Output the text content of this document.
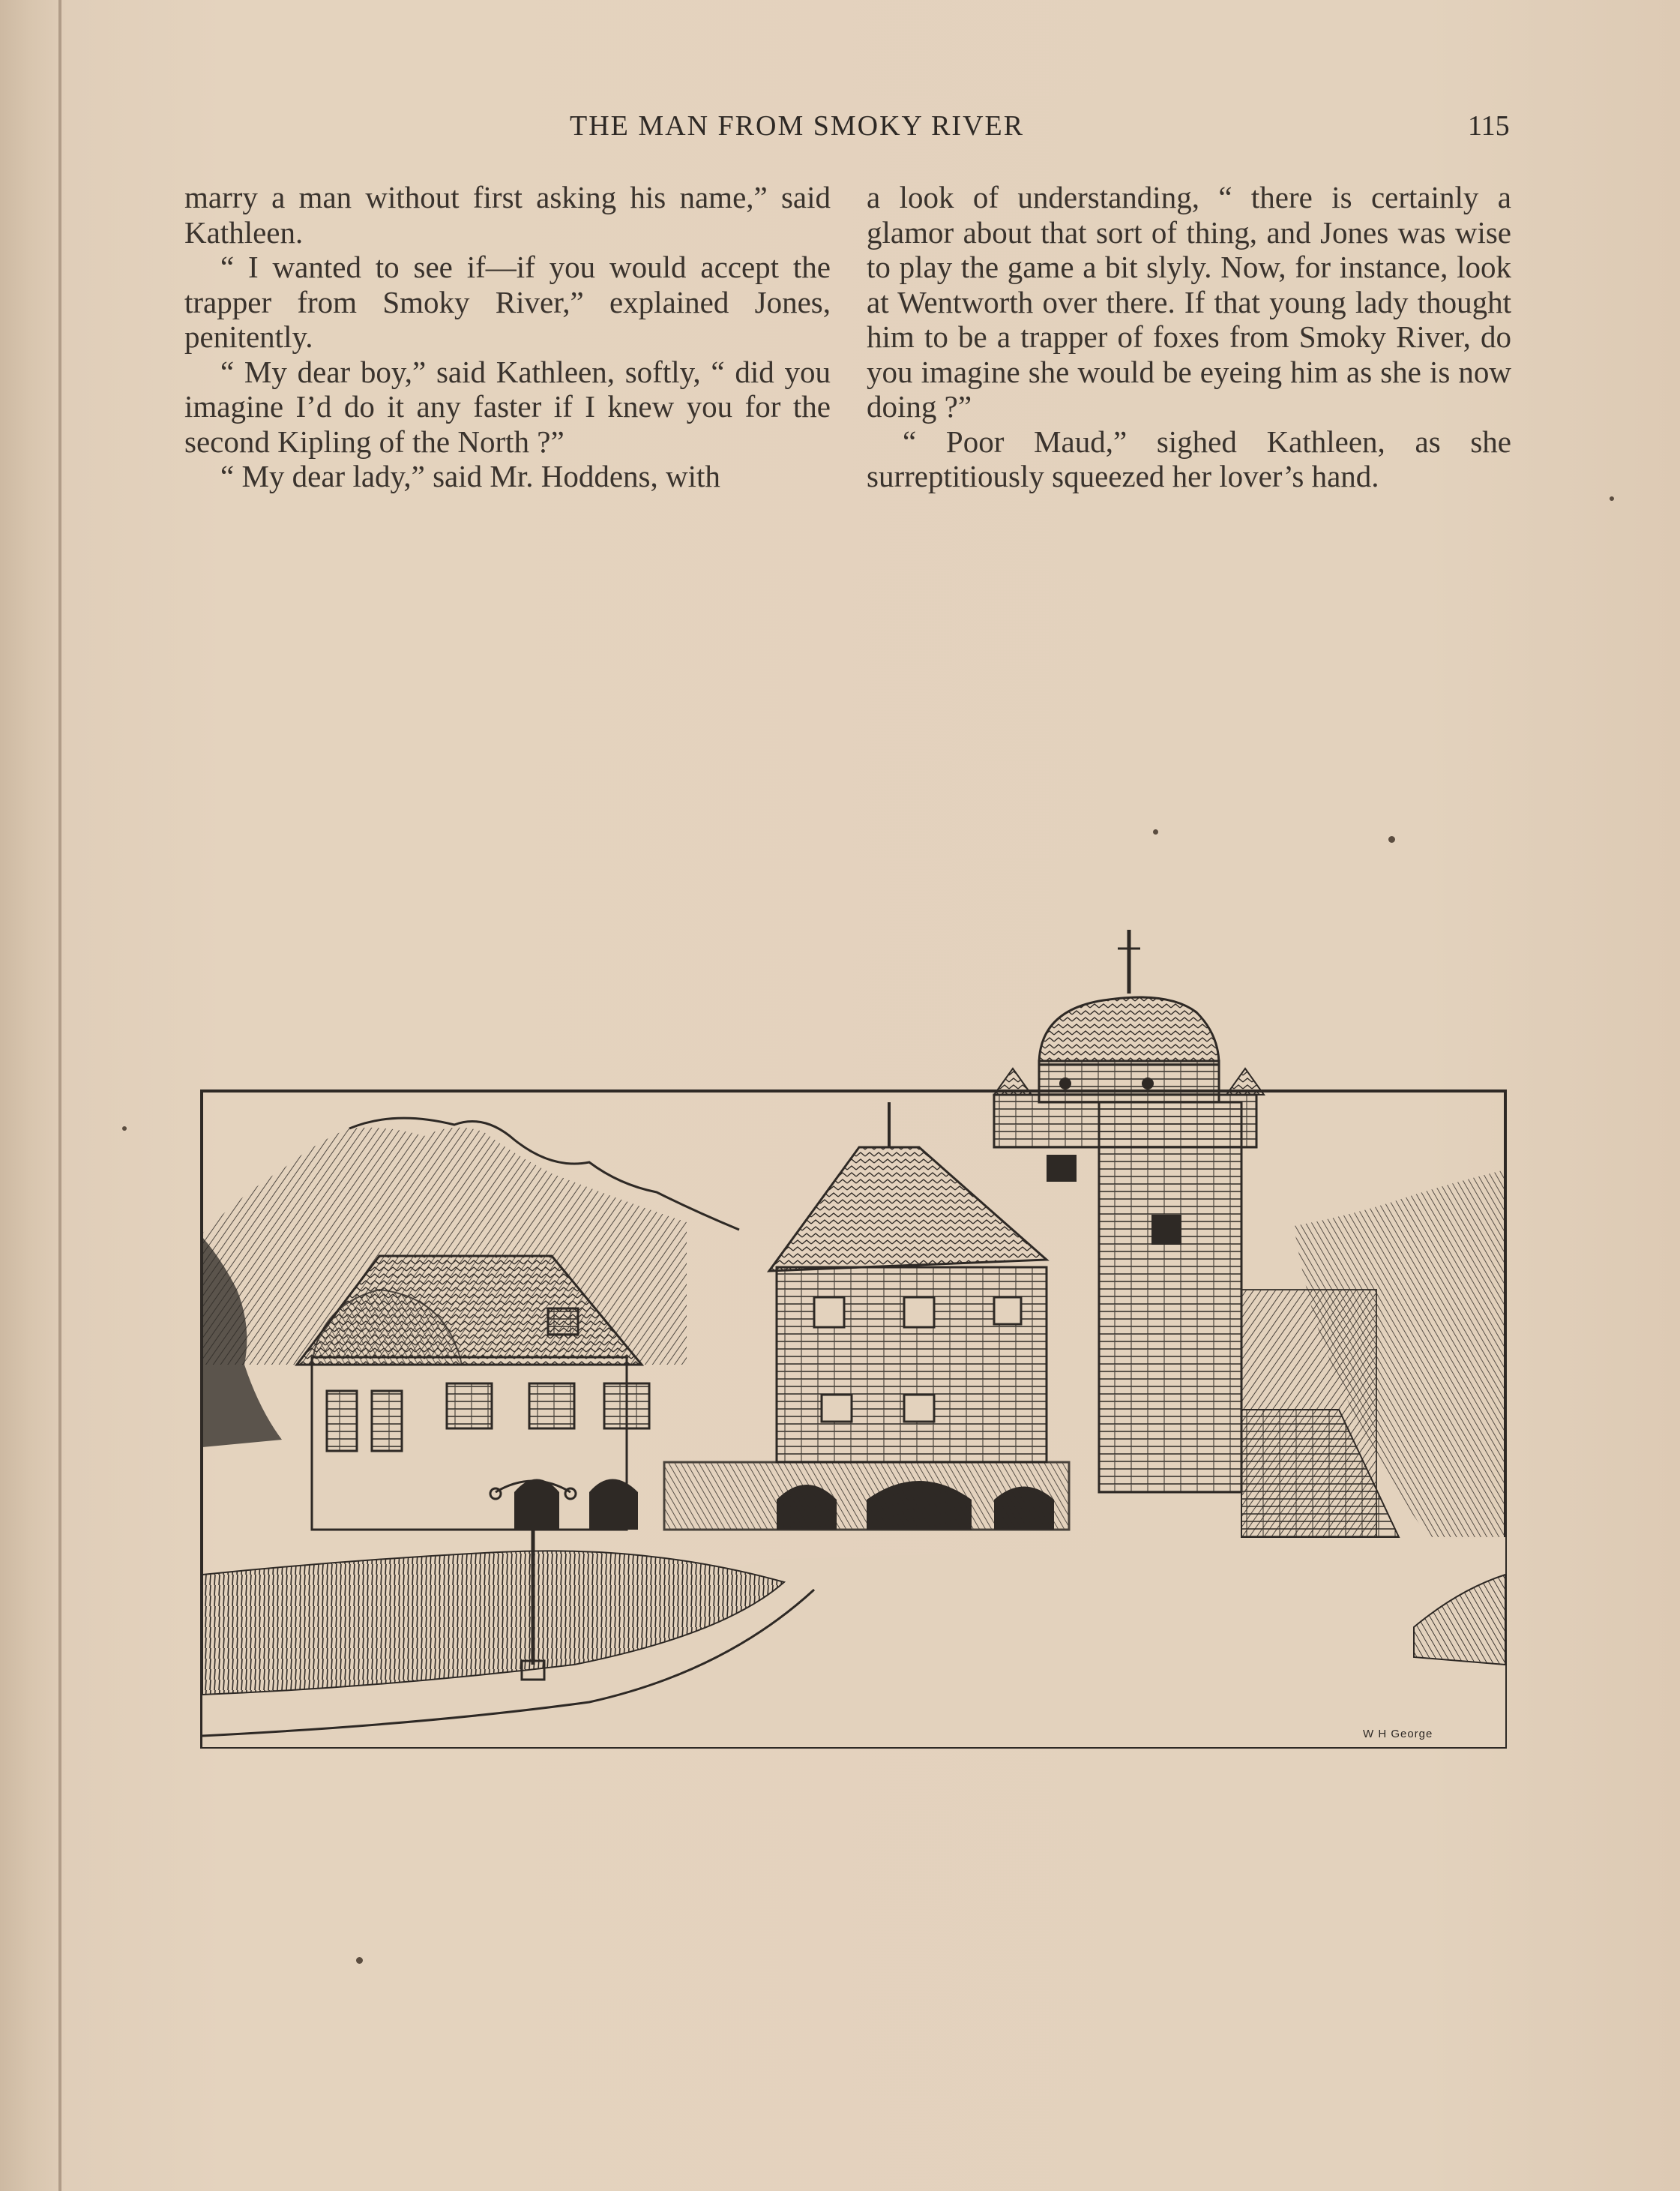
THE MAN FROM SMOKY RIVER	115

marry a man without first asking his name,” said Kathleen.

“ I wanted to see if—if you would accept the trapper from Smoky River,” explained Jones, penitently.

“ My dear boy,” said Kathleen, softly, “ did you imagine I’d do it any faster if I knew you for the second Kipling of the North ?”

“ My dear lady,” said Mr. Hoddens, with

a look of understanding, “ there is certainly a glamor about that sort of thing, and Jones was wise to play the game a bit slyly. Now, for instance, look at Wentworth over there. If that young lady thought him to be a trapper of foxes from Smoky River, do you imagine she would be eyeing him as she is now doing ?”

“ Poor Maud,” sighed Kathleen, as she surreptitiously squeezed her lover’s hand.

W H George
